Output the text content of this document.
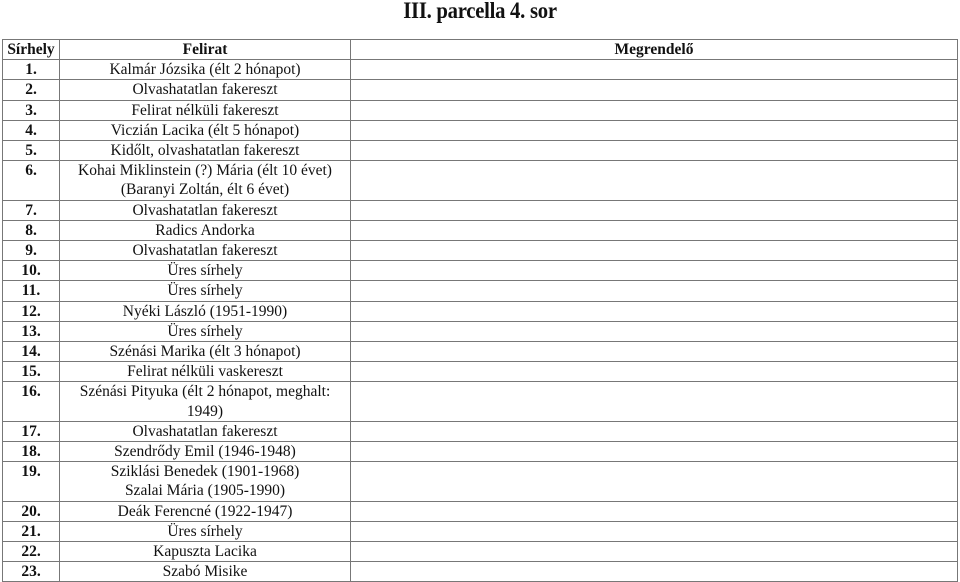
III. parcella 4. sor
Sírhely	Felirat	Megrendelő
1.	Kalmár Józsika (élt 2 hónapot)	

2.	Olvashatatlan fakereszt	

3.	Felirat nélküli fakereszt	

4.	Viczián Lacika (élt 5 hónapot)	

5.	Kidőlt, olvashatatlan fakereszt	

6.	Kohai Miklinstein (?) Mária (élt 10 évet)
(Baranyi Zoltán, élt 6 évet)	

7.	Olvashatatlan fakereszt	

8.	Radics Andorka	

9.	Olvashatatlan fakereszt	

10.	Üres sírhely	

11.	Üres sírhely	

12.	Nyéki László (1951-1990)	

13.	Üres sírhely	

14.	Szénási Marika (élt 3 hónapot)	

15.	Felirat nélküli vaskereszt	

16.	Szénási Pityuka (élt 2 hónapot, meghalt: 1949)	

17.	Olvashatatlan fakereszt	

18.	Szendrődy Emil (1946-1948)	

19.	Sziklási Benedek (1901-1968)
Szalai Mária (1905-1990)	

20.	Deák Ferencné (1922-1947)	

21.	Üres sírhely	

22.	Kapuszta Lacika	

23.	Szabó Misike	
